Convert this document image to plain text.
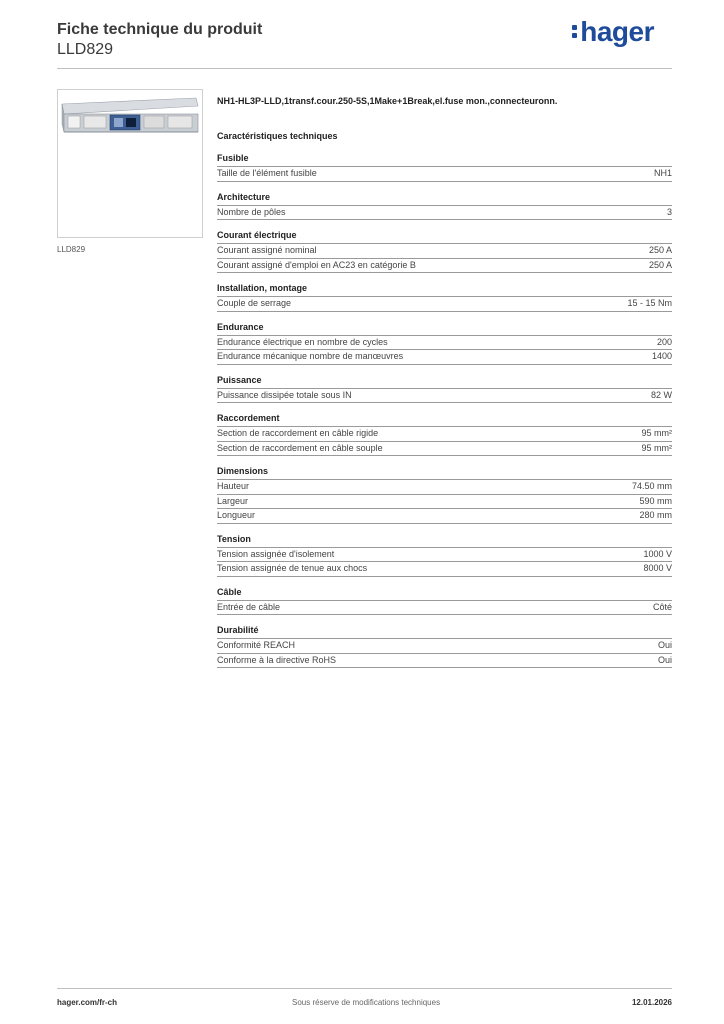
Fiche technique du produit
LLD829
hager
LLD829
NH1-HL3P-LLD,1transf.cour.250-5S,1Make+1Break,el.fuse mon.,connecteuronn.
Caractéristiques techniques
Fusible
Taille de l'élément fusible	NH1
Architecture
Nombre de pôles	3
Courant électrique
Courant assigné nominal	250 A
Courant assigné d'emploi en AC23 en catégorie B	250 A
Installation, montage
Couple de serrage	15 - 15 Nm
Endurance
Endurance électrique en nombre de cycles	200
Endurance mécanique nombre de manœuvres	1400
Puissance
Puissance dissipée totale sous IN	82 W
Raccordement
Section de raccordement en câble rigide	95 mm²
Section de raccordement en câble souple	95 mm²
Dimensions
Hauteur	74.50 mm
Largeur	590 mm
Longueur	280 mm
Tension
Tension assignée d'isolement	1000 V
Tension assignée de tenue aux chocs	8000 V
Câble
Entrée de câble	Côté
Durabilité
Conformité REACH	Oui
Conforme à la directive RoHS	Oui
hager.com/fr-ch	Sous réserve de modifications techniques	12.01.2026
